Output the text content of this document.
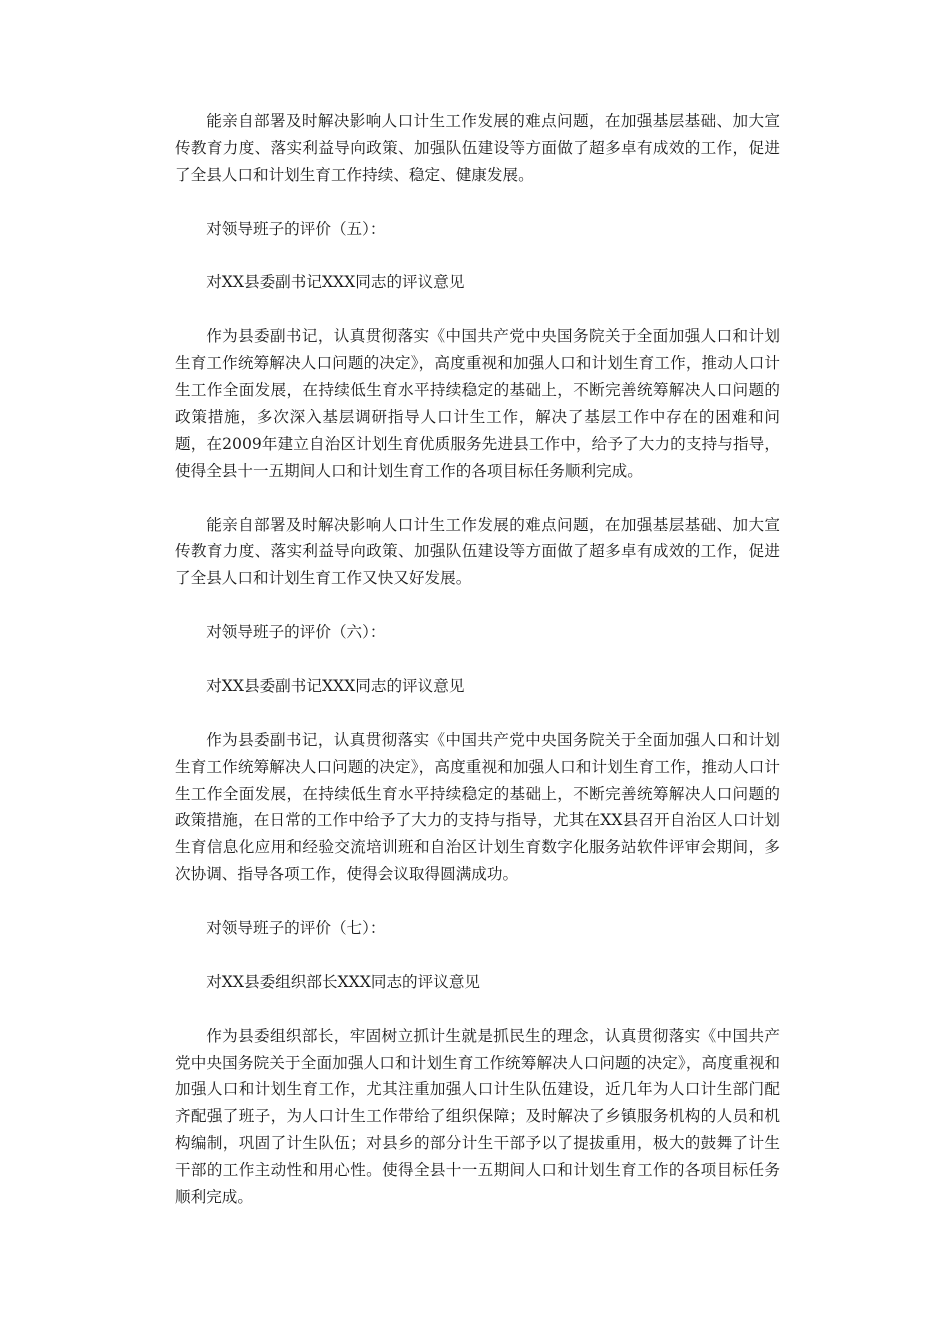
能亲自部署及时解决影响人口计生工作发展的难点问题，在加强基层基础、加大宣传教育力度、落实利益导向政策、加强队伍建设等方面做了超多卓有成效的工作，促进了全县人口和计划生育工作持续、稳定、健康发展。

对领导班子的评价（五）：

对XX县委副书记XXX同志的评议意见

作为县委副书记，认真贯彻落实《中国共产党中央国务院关于全面加强人口和计划生育工作统筹解决人口问题的决定》，高度重视和加强人口和计划生育工作，推动人口计生工作全面发展，在持续低生育水平持续稳定的基础上，不断完善统筹解决人口问题的政策措施，多次深入基层调研指导人口计生工作，解决了基层工作中存在的困难和问题，在2009年建立自治区计划生育优质服务先进县工作中，给予了大力的支持与指导，使得全县十一五期间人口和计划生育工作的各项目标任务顺利完成。

能亲自部署及时解决影响人口计生工作发展的难点问题，在加强基层基础、加大宣传教育力度、落实利益导向政策、加强队伍建设等方面做了超多卓有成效的工作，促进了全县人口和计划生育工作又快又好发展。

对领导班子的评价（六）：

对XX县委副书记XXX同志的评议意见

作为县委副书记，认真贯彻落实《中国共产党中央国务院关于全面加强人口和计划生育工作统筹解决人口问题的决定》，高度重视和加强人口和计划生育工作，推动人口计生工作全面发展，在持续低生育水平持续稳定的基础上，不断完善统筹解决人口问题的政策措施，在日常的工作中给予了大力的支持与指导，尤其在XX县召开自治区人口计划生育信息化应用和经验交流培训班和自治区计划生育数字化服务站软件评审会期间，多次协调、指导各项工作，使得会议取得圆满成功。

对领导班子的评价（七）：

对XX县委组织部长XXX同志的评议意见

作为县委组织部长，牢固树立抓计生就是抓民生的理念，认真贯彻落实《中国共产党中央国务院关于全面加强人口和计划生育工作统筹解决人口问题的决定》，高度重视和加强人口和计划生育工作，尤其注重加强人口计生队伍建设，近几年为人口计生部门配齐配强了班子，为人口计生工作带给了组织保障；及时解决了乡镇服务机构的人员和机构编制，巩固了计生队伍；对县乡的部分计生干部予以了提拔重用，极大的鼓舞了计生干部的工作主动性和用心性。使得全县十一五期间人口和计划生育工作的各项目标任务顺利完成。
